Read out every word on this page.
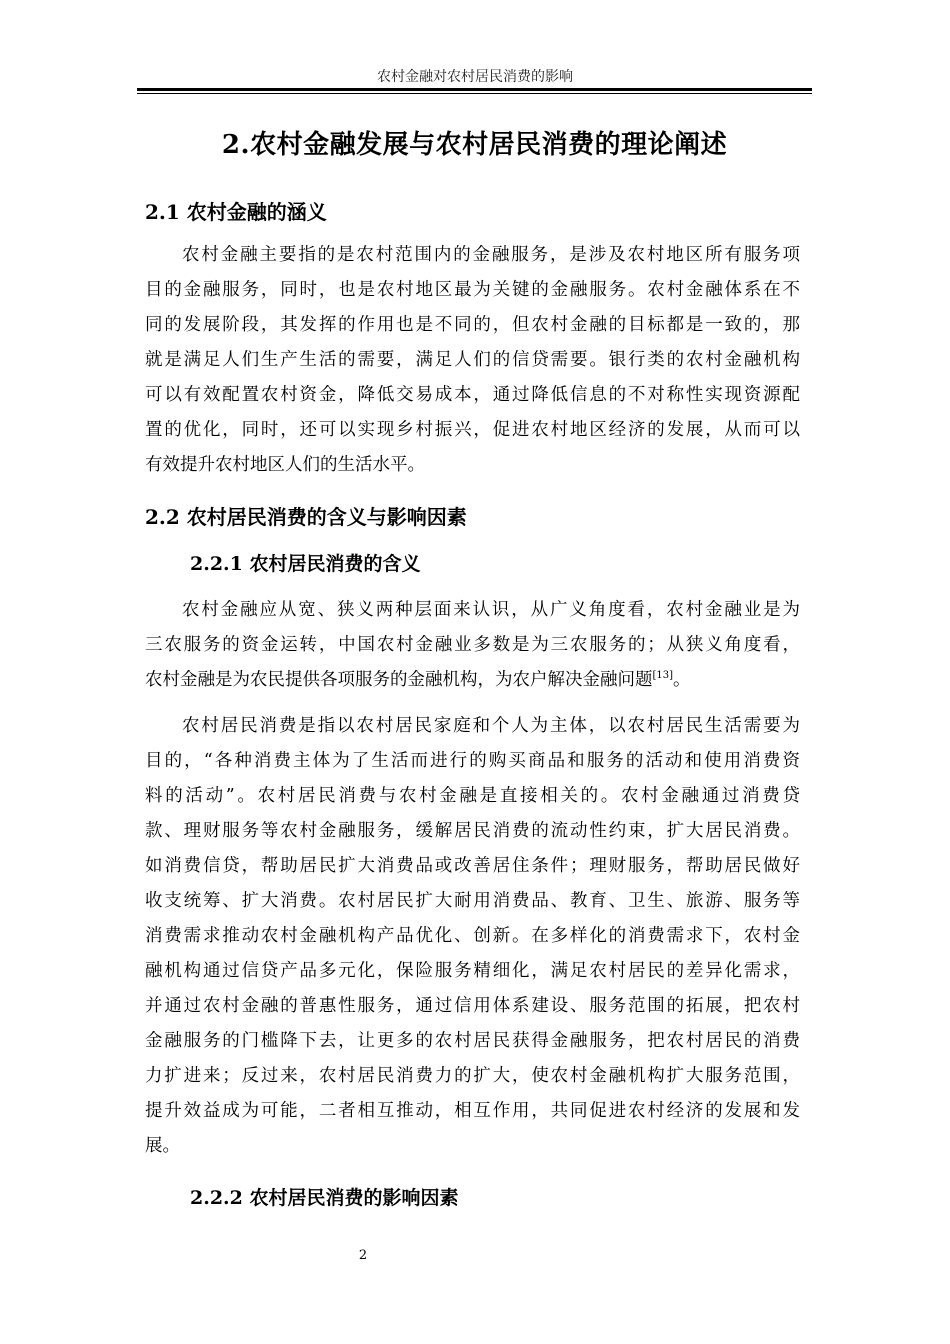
农村金融对农村居民消费的影响
2.农村金融发展与农村居民消费的理论阐述
2.1 农村金融的涵义
农村金融主要指的是农村范围内的金融服务，是涉及农村地区所有服务项
目的金融服务，同时，也是农村地区最为关键的金融服务。农村金融体系在不
同的发展阶段，其发挥的作用也是不同的，但农村金融的目标都是一致的，那
就是满足人们生产生活的需要，满足人们的信贷需要。银行类的农村金融机构
可以有效配置农村资金，降低交易成本，通过降低信息的不对称性实现资源配
置的优化，同时，还可以实现乡村振兴，促进农村地区经济的发展，从而可以
有效提升农村地区人们的生活水平。
2.2 农村居民消费的含义与影响因素
2.2.1 农村居民消费的含义
农村金融应从宽、狭义两种层面来认识，从广义角度看，农村金融业是为
三农服务的资金运转，中国农村金融业多数是为三农服务的；从狭义角度看，
农村金融是为农民提供各项服务的金融机构，为农户解决金融问题[13]。
农村居民消费是指以农村居民家庭和个人为主体，以农村居民生活需要为
目的，“各种消费主体为了生活而进行的购买商品和服务的活动和使用消费资
料的活动”。农村居民消费与农村金融是直接相关的。农村金融通过消费贷
款、理财服务等农村金融服务，缓解居民消费的流动性约束，扩大居民消费。
如消费信贷，帮助居民扩大消费品或改善居住条件；理财服务，帮助居民做好
收支统筹、扩大消费。农村居民扩大耐用消费品、教育、卫生、旅游、服务等
消费需求推动农村金融机构产品优化、创新。在多样化的消费需求下，农村金
融机构通过信贷产品多元化，保险服务精细化，满足农村居民的差异化需求，
并通过农村金融的普惠性服务，通过信用体系建设、服务范围的拓展，把农村
金融服务的门槛降下去，让更多的农村居民获得金融服务，把农村居民的消费
力扩进来；反过来，农村居民消费力的扩大，使农村金融机构扩大服务范围，
提升效益成为可能，二者相互推动，相互作用，共同促进农村经济的发展和发
展。
2.2.2 农村居民消费的影响因素
2
